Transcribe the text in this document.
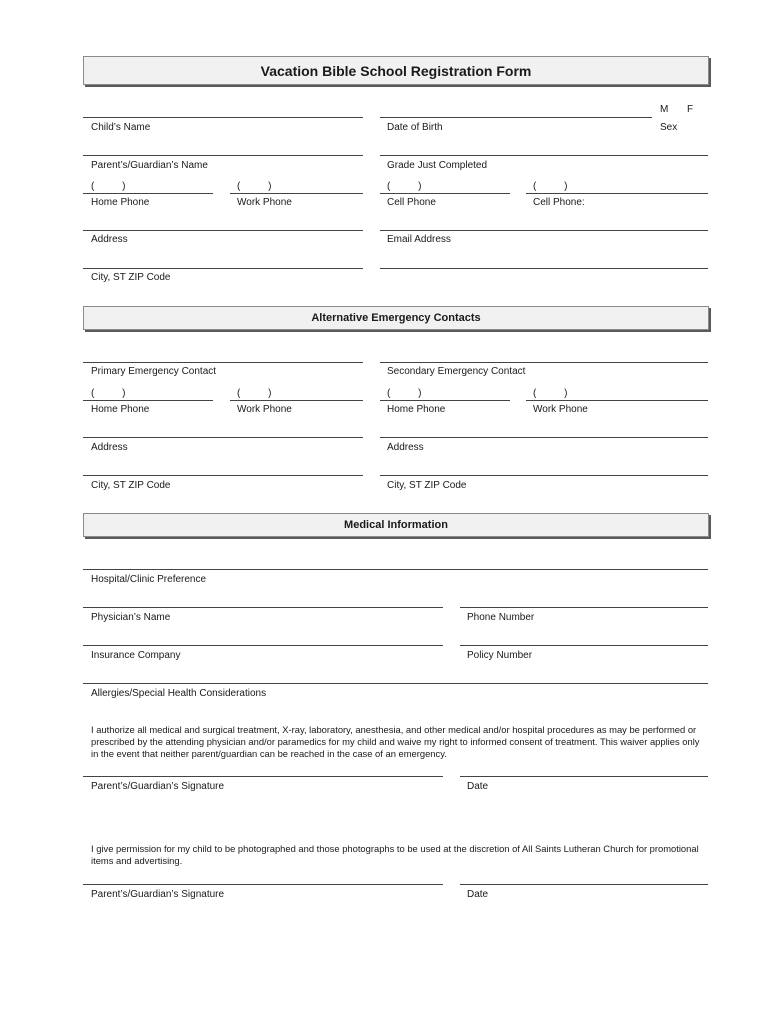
Vacation Bible School Registration Form
M F
Child’s Name	Date of Birth	Sex
Parent’s/Guardian’s Name	Grade Just Completed
(          )	(          )	(          )	(          )
Home Phone	Work Phone	Cell Phone	Cell Phone:
Address	Email Address
City, ST ZIP Code
Alternative Emergency Contacts
Primary Emergency Contact	Secondary Emergency Contact
(          )	(          )	(          )	(          )
Home Phone	Work Phone	Home Phone	Work Phone
Address	Address
City, ST ZIP Code	City, ST ZIP Code
Medical Information
Hospital/Clinic Preference
Physician’s Name	Phone Number
Insurance Company	Policy Number
Allergies/Special Health Considerations
I authorize all medical and surgical treatment, X-ray, laboratory, anesthesia, and other medical and/or hospital procedures as may be performed or prescribed by the attending physician and/or paramedics for my child and waive my right to informed consent of treatment. This waiver applies only in the event that neither parent/guardian can be reached in the case of an emergency.
Parent’s/Guardian’s Signature	Date
I give permission for my child to be photographed and those photographs to be used at the discretion of All Saints Lutheran Church for promotional items and advertising.
Parent’s/Guardian’s Signature	Date
